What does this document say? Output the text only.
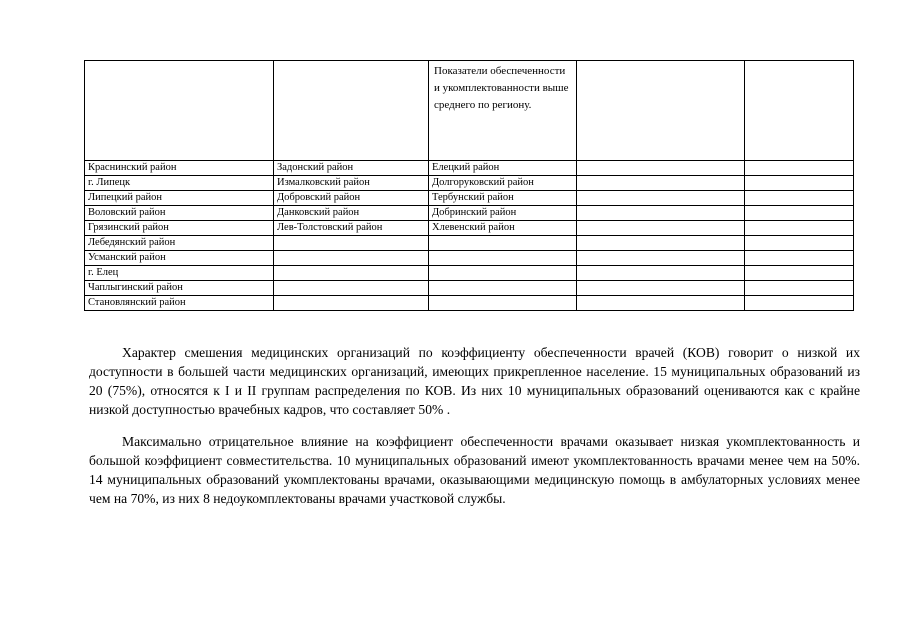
		Показатели обеспеченности и укомплектованности выше среднего по региону.		
Краснинский район	Задонский район	Елецкий район		
г. Липецк	Измалковский район	Долгоруковский район		
Липецкий район	Добровский район	Тербунский район		
Воловский район	Данковский район	Добринский район		
Грязинский район	Лев-Толстовский район	Хлевенский район		
Лебедянский район				
Усманский район				
г. Елец				
Чаплыгинский район				
Становлянский район				

Характер смешения медицинских организаций по коэффициенту обеспеченности врачей (КОВ) говорит о низкой их доступности в большей части медицинских организаций, имеющих прикрепленное население. 15 муниципальных образований из 20 (75%), относятся к I и II группам распределения по КОВ. Из них 10 муниципальных образований оцениваются как с крайне низкой доступностью врачебных кадров, что составляет 50% .

Максимально отрицательное влияние на коэффициент обеспеченности врачами оказывает низкая укомплектованность и большой коэффициент совместительства. 10 муниципальных образований имеют укомплектованность врачами менее чем на 50%. 14 муниципальных образований укомплектованы врачами, оказывающими медицинскую помощь в амбулаторных условиях менее чем на 70%, из них 8 недоукомплектованы врачами участковой службы.
